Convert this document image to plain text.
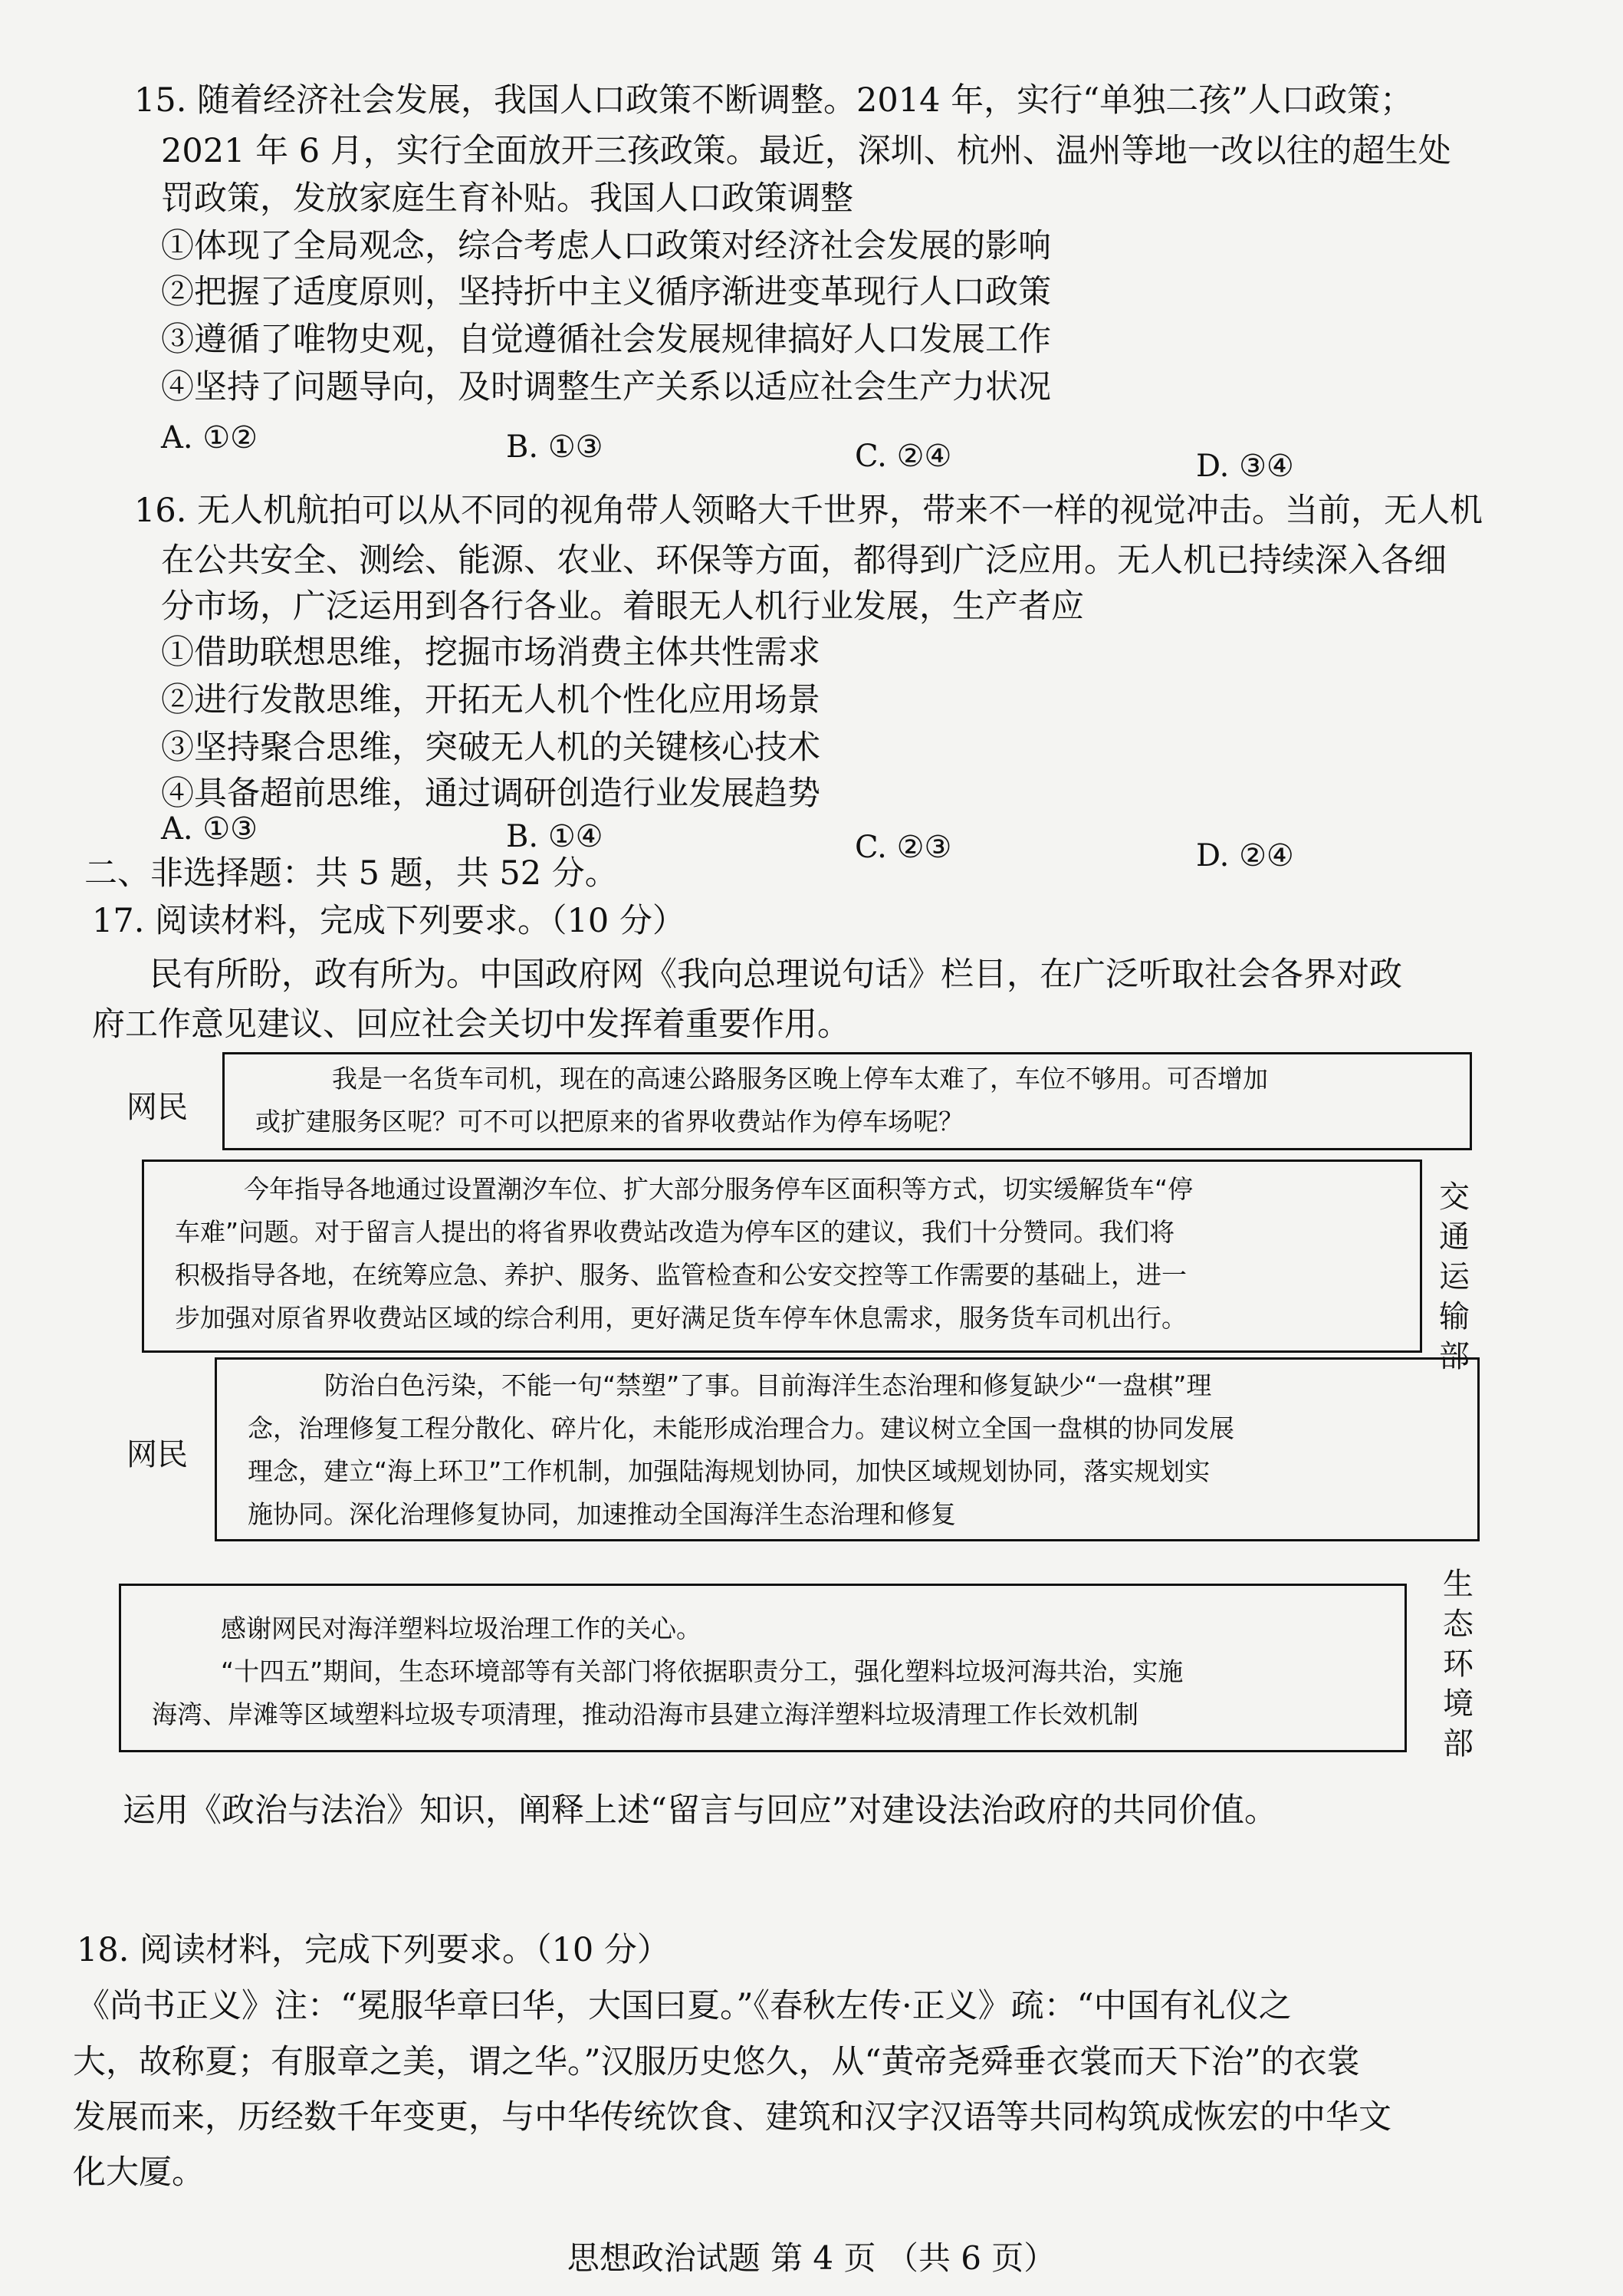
15. 随着经济社会发展，我国人口政策不断调整。2014 年，实行“单独二孩”人口政策；
2021 年 6 月，实行全面放开三孩政策。最近，深圳、杭州、温州等地一改以往的超生处
罚政策，发放家庭生育补贴。我国人口政策调整
①体现了全局观念，综合考虑人口政策对经济社会发展的影响
②把握了适度原则，坚持折中主义循序渐进变革现行人口政策
③遵循了唯物史观，自觉遵循社会发展规律搞好人口发展工作
④坚持了问题导向，及时调整生产关系以适应社会生产力状况
A. ①②	B. ①③	C. ②④	D. ③④
16. 无人机航拍可以从不同的视角带人领略大千世界，带来不一样的视觉冲击。当前，无人机
在公共安全、测绘、能源、农业、环保等方面，都得到广泛应用。无人机已持续深入各细
分市场，广泛运用到各行各业。着眼无人机行业发展，生产者应
①借助联想思维，挖掘市场消费主体共性需求
②进行发散思维，开拓无人机个性化应用场景
③坚持聚合思维，突破无人机的关键核心技术
④具备超前思维，通过调研创造行业发展趋势
A. ①③	B. ①④	C. ②③	D. ②④
二、非选择题：共 5 题，共 52 分。
17. 阅读材料，完成下列要求。（10 分）
民有所盼，政有所为。中国政府网《我向总理说句话》栏目，在广泛听取社会各界对政
府工作意见建议、回应社会关切中发挥着重要作用。
网民

我是一名货车司机，现在的高速公路服务区晚上停车太难了，车位不够用。可否增加

或扩建服务区呢？可不可以把原来的省界收费站作为停车场呢？

今年指导各地通过设置潮汐车位、扩大部分服务停车区面积等方式，切实缓解货车“停

车难”问题。对于留言人提出的将省界收费站改造为停车区的建议，我们十分赞同。我们将

积极指导各地，在统筹应急、养护、服务、监管检查和公安交控等工作需要的基础上，进一

步加强对原省界收费站区域的综合利用，更好满足货车停车休息需求，服务货车司机出行。

交通运输部
网民

防治白色污染，不能一句“禁塑”了事。目前海洋生态治理和修复缺少“一盘棋”理

念，治理修复工程分散化、碎片化，未能形成治理合力。建议树立全国一盘棋的协同发展

理念，建立“海上环卫”工作机制，加强陆海规划协同，加快区域规划协同，落实规划实

施协同。深化治理修复协同，加速推动全国海洋生态治理和修复

感谢网民对海洋塑料垃圾治理工作的关心。

“十四五”期间，生态环境部等有关部门将依据职责分工，强化塑料垃圾河海共治，实施

海湾、岸滩等区域塑料垃圾专项清理，推动沿海市县建立海洋塑料垃圾清理工作长效机制

生态环境部
运用《政治与法治》知识，阐释上述“留言与回应”对建设法治政府的共同价值。
18. 阅读材料，完成下列要求。（10 分）
《尚书正义》注：“冕服华章曰华，大国曰夏。”《春秋左传·正义》疏：“中国有礼仪之
大，故称夏；有服章之美，谓之华。”汉服历史悠久，从“黄帝尧舜垂衣裳而天下治”的衣裳
发展而来，历经数千年变更，与中华传统饮食、建筑和汉字汉语等共同构筑成恢宏的中华文
化大厦。
思想政治试题 第 4 页 （共 6 页）
